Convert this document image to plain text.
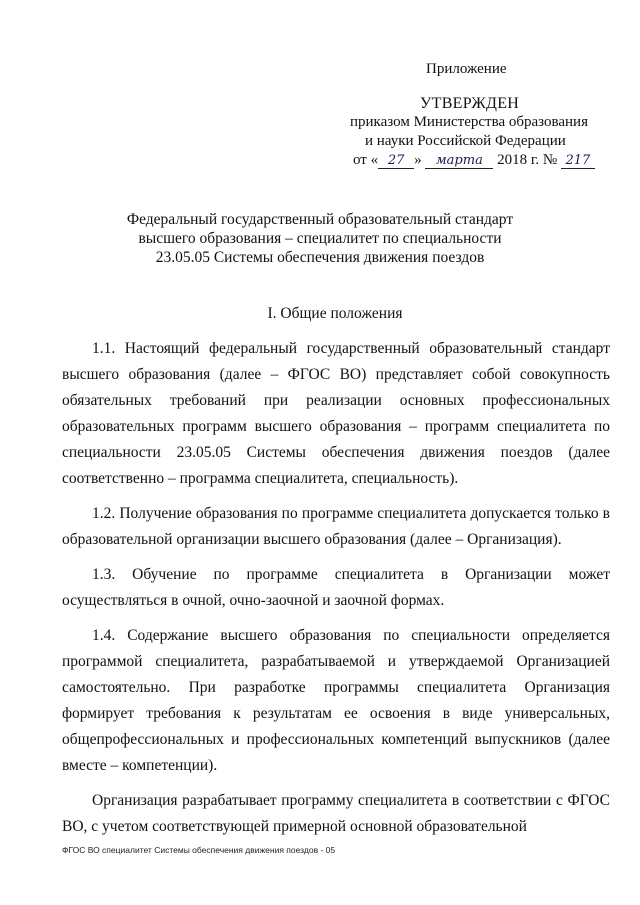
Приложение
УТВЕРЖДЕН
приказом Министерства образования
и науки Российской Федерации
от « 27 » марта 2018 г. № 217
Федеральный государственный образовательный стандарт
высшего образования – специалитет по специальности
23.05.05 Системы обеспечения движения поездов
I. Общие положения

1.1. Настоящий федеральный государственный образовательный стандарт высшего образования (далее – ФГОС ВО) представляет собой совокупность обязательных требований при реализации основных профессиональных образовательных программ высшего образования – программ специалитета по специальности 23.05.05 Системы обеспечения движения поездов (далее соответственно – программа специалитета, специальность).

1.2. Получение образования по программе специалитета допускается только в образовательной организации высшего образования (далее – Организация).

1.3. Обучение по программе специалитета в Организации может осуществляться в очной, очно-заочной и заочной формах.

1.4. Содержание высшего образования по специальности определяется программой специалитета, разрабатываемой и утверждаемой Организацией самостоятельно. При разработке программы специалитета Организация формирует требования к результатам ее освоения в виде универсальных, общепрофессиональных и профессиональных компетенций выпускников (далее вместе – компетенции).

Организация разрабатывает программу специалитета в соответствии с ФГОС ВО, с учетом соответствующей примерной основной образовательной

ФГОС ВО специалитет Системы обеспечения движения поездов - 05
